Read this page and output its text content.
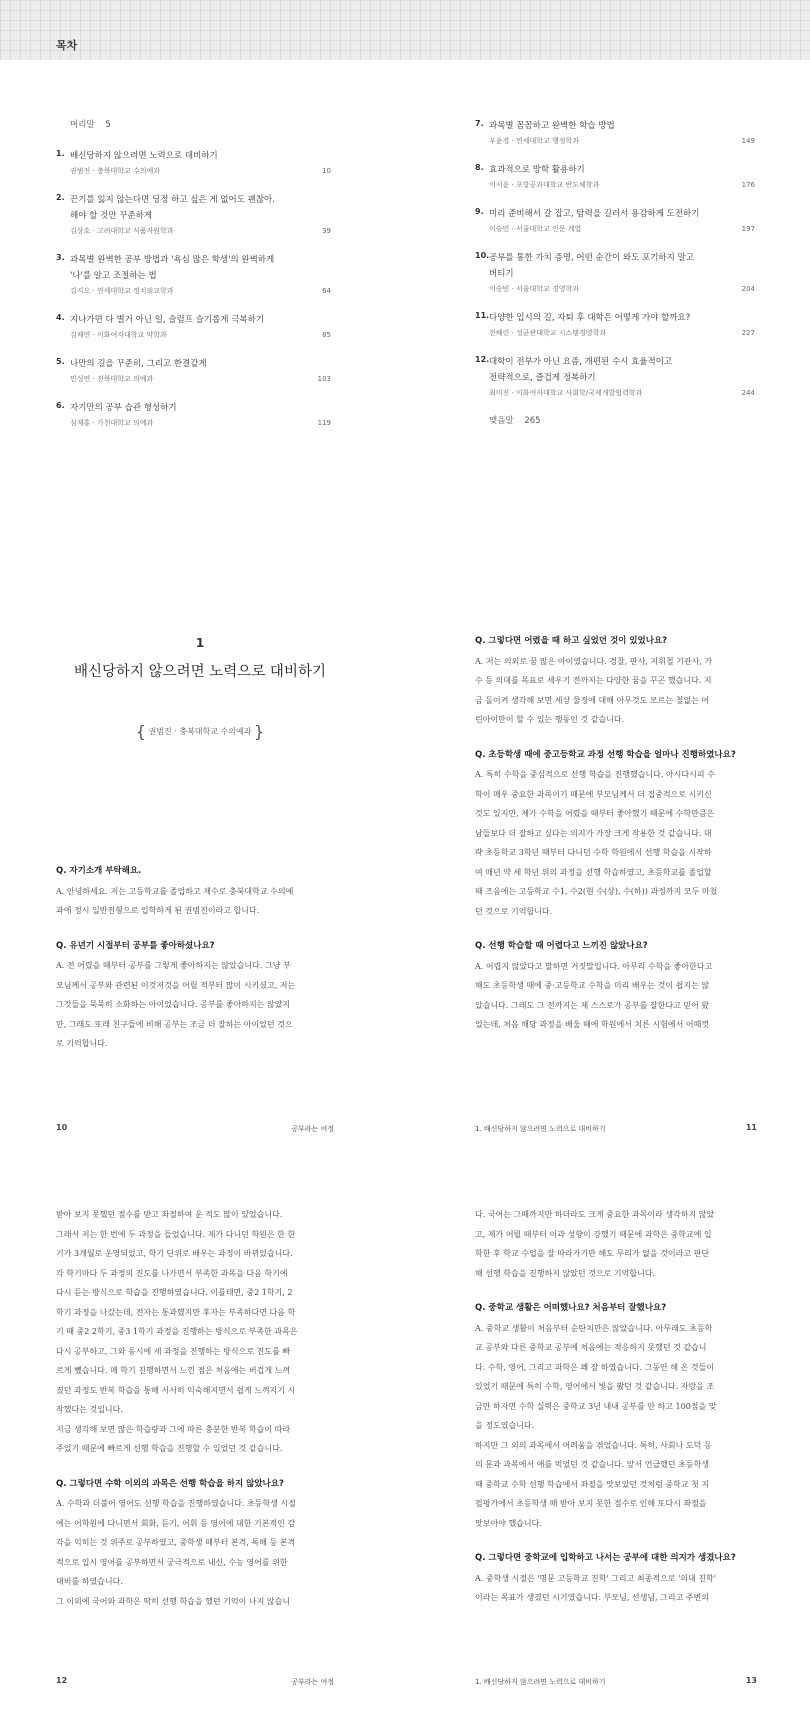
목차
머리말 5
1. 배신당하지 않으려면 노력으로 대비하기
권범진 · 충북대학교 수의예과	10
2. 끈기를 잃지 않는다면 딩정 하고 싶은 게 없어도 괜찮아.
해야 할 것만 꾸준하게
김상호 · 고려대학교 식품자원학과	39
3. 과목별 완벽한 공부 방법과 '욕심 많은 학생'의 완벽하게
'나'를 알고 조절하는 법
김지오 · 연세대학교 정치외교학과	64
4. 지나가면 다 별거 아닌 일, 슬럼프 슬기롭게 극복하기
김채연 · 이화여자대학교 약학과	85
5. 나만의 길을 꾸준히, 그리고 한결같게
민성연 · 전북대학교 의예과	103
6. 자기만의 공부 습관 형성하기
심재홍 · 가천대학교 의예과	119
7. 과목별 꼼꼼하고 완벽한 학습 방법
우윤경 · 연세대학교 행정학과	149
8. 효과적으로 방학 활용하기
이서윤 · 포항공과대학교 반도체학과	176
9. 미리 준비해서 갈 잡고, 탐력을 길러서 용감하게 도전하기
이승민 · 서울대학교 인문 계열	197
10. 공부를 통한 가치 증명, 어떤 순간이 와도 포기하지 말고
버티기
이승빈 · 서울대학교 경영학과	204
11. 다양한 입시의 길, 자퇴 후 대학은 어떻게 가야 할까요?
전혜린 · 성균관대학교 시스템경영학과	227
12. 대학이 전부가 아닌 요즘, 개편된 수시 효율적이고
전략적으로, 즐겁게 정복하기
최미진 · 이화여자대학교 사회학/국제개발협력학과	244
맺음말 265
1
배신당하지 않으려면 노력으로 대비하기
{ 권범진 · 충북대학교 수의예과 }
Q. 자기소개 부탁해요.
A. 안녕하세요. 저는 고등학교를 졸업하고 재수로 충북대학교 수의예
과에 정시 일반전형으로 입학하게 된 권범진이라고 합니다.
Q. 유년기 시절부터 공부를 좋아하셨나요?
A. 전 어렸을 때부터 공부를 그렇게 좋아하지는 않았습니다. 그냥 부
모님께서 공부와 관련된 이것저것을 어릴 적부터 많이 시키셨고, 저는
그것들을 묵묵히 소화하는 아이었습니다. 공부를 좋아하지는 않았지
만, 그래도 또래 친구들에 비해 공부는 조금 더 잘하는 아이었던 것으
로 기억합니다.
Q. 그렇다면 어렸을 때 하고 싶었던 것이 있었나요?
A. 저는 의외로 꿈 많은 아이였습니다. 경찰, 판사, 지휘철 기관사, 가
수 등 의대를 목표로 세우기 전까지는 다양한 꿈을 꾸곤 했습니다. 지
금 돌이켜 생각해 보면 세상 물정에 대해 아무것도 모르는 철없는 어
린아이만이 할 수 있는 행동인 것 같습니다.
Q. 초등학생 때에 중고등학교 과정 선행 학습을 얼마나 진행하였나요?
A. 특히 수학을 중심적으로 선행 학습을 진행했습니다. 아시다시피 수
학이 매우 중요한 과목이기 때문에 부모님께서 더 집중적으로 시키신
것도 있지만, 제가 수학을 어렸을 때부터 좋아했기 때문에 수학만큼은
남들보다 더 잘하고 싶다는 의지가 가장 크게 작용한 것 같습니다. 대
략 초등학교 3학년 때부터 다니던 수학 학원에서 선행 학습을 시작하
여 매년 약 세 학년 위의 과정을 선행 학습하였고, 초등학교를 졸업할
때 즈음에는 고등학교 수1, 수2(현 수(상), 수(하)) 과정까지 모두 마쳤
던 것으로 기억합니다.
Q. 선행 학습할 때 어렵다고 느끼진 않았나요?
A. 어렵지 않았다고 말하면 거짓말입니다. 아무리 수학을 좋아한다고
해도 초등학생 때에 중·고등학교 수학을 미리 배우는 것이 쉽지는 않
았습니다. 그래도 그 전까지는 제 스스로가 공부를 잘한다고 믿어 왔
었는데, 처음 해당 과정을 배울 때에 학원에서 치른 시험에서 어때껏
10	공부라는 여정	1. 배신당하지 않으려면 노력으로 대비하기	11
받아 보지 못했던 점수를 받고 좌절하여 운 적도 많이 있었습니다.
그래서 저는 한 번에 두 과정을 들었습니다. 제가 다니던 학원은 한 한
기가 3개월로 운영되었고, 학기 단위로 배우는 과정이 바뀌었습니다.
각 학기마다 두 과정의 진도를 나가면서 부족한 과목을 다음 학기에
다시 듣는 방식으로 학습을 진행하였습니다. 이를테면, 중2 1학기, 2
학기 과정을 나갔는데, 전자는 통과했지만 후자는 부족하다면 다음 학
기 때 중2 2학기, 중3 1학기 과정을 진행하는 방식으로 부족한 과목은
다시 공부하고, 그와 동시에 새 과정을 진행하는 방식으로 진도를 빠
르게 뺐습니다. 매 학기 진행하면서 느낀 점은 처음에는 버겁게 느껴
졌던 과정도 반복 학습을 통해 서서히 익숙해지면서 쉽게 느껴지기 시
작했다는 것입니다.
지금 생각해 보면 많은 학습량과 그에 따른 충분한 반복 학습이 따라
주었기 때문에 빠르게 선행 학습을 진행할 수 있었던 것 같습니다.
Q. 그렇다면 수학 이외의 과목은 선행 학습을 하지 않았나요?
A. 수학과 더불어 영어도 선행 학습을 진행하였습니다. 초등학생 시절
에는 어학원에 다니면서 회화, 듣기, 어휘 등 영어에 대한 기본적인 감
각을 익히는 것 위주로 공부하였고, 중학생 때부터 본격, 독해 등 본격
적으로 입시 영어를 공부하면서 궁극적으로 내신, 수능 영어를 위한
대비를 하였습니다.
그 이외에 국어와 과학은 딱히 선행 학습을 했던 기억이 나지 않습니
다. 국어는 그때까지만 하더라도 크게 중요한 과목이라 생각하지 않았
고, 제가 어릴 때부터 이과 성향이 강했기 때문에 과학은 중학교에 입
학한 후 학교 수업을 잘 따라가기만 해도 무리가 없을 것이라고 판단
해 선행 학습을 진행하지 않았던 것으로 기억합니다.
Q. 중학교 생활은 어떠했나요? 처음부터 잘했나요?
A. 중학교 생활이 처음부터 순탄치만은 않았습니다. 아무래도 초등학
교 공부와 다른 중학교 공부에 처음에는 적응하지 못했던 것 같습니
다. 수학, 영어, 그리고 과학은 꽤 잘 하였습니다. 그동안 해 온 것들이
있었기 때문에 특히 수학, 영어에서 빛을 봤던 것 같습니다. 자랑을 조
금만 하자면 수학 실력은 중학교 3년 내내 공부를 안 하고 100점을 맞
을 정도였습니다.
하지만 그 외의 과목에서 어려움을 겪었습니다. 특히, 사회나 도덕 등
의 문과 과목에서 애를 먹었던 것 같습니다. 앞서 언급했던 초등학생
때 중학교 수학 선행 학습에서 좌절을 맛보았던 것처럼 중학교 첫 지
필평가에서 초등학생 때 받아 보지 못한 점수로 인해 또다시 좌절을
맛보아야 했습니다.
Q. 그렇다면 중학교에 입학하고 나서는 공부에 대한 의지가 생겼나요?
A. 중학생 시절은 '명문 고등학교 진학' 그리고 최종적으로 '의대 진학'
이라는 목표가 생겼던 시기였습니다. 부모님, 선생님, 그리고 주변의
12	공부라는 여정	1. 배신당하지 않으려면 노력으로 대비하기	13
